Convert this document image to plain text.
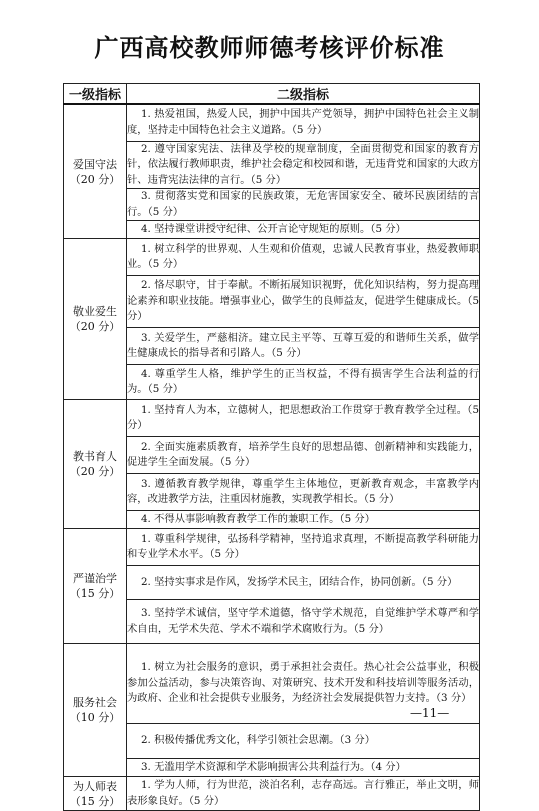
广西高校教师师德考核评价标准
一级指标	二级指标

爱国守法
（20 分）	1. 热爱祖国，热爱人民，拥护中国共产党领导，拥护中国特色社会主义制度，坚持走中国特色社会主义道路。（5 分）
	2. 遵守国家宪法、法律及学校的规章制度，全面贯彻党和国家的教育方针，依法履行教师职责，维护社会稳定和校园和谐，无违背党和国家的大政方针、违背宪法法律的言行。（5 分）
	3. 贯彻落实党和国家的民族政策，无危害国家安全、破坏民族团结的言行。（5 分）
	4. 坚持课堂讲授守纪律、公开言论守规矩的原则。（5 分）

敬业爱生
（20 分）	1. 树立科学的世界观、人生观和价值观，忠诚人民教育事业，热爱教师职业。（5 分）
	2. 恪尽职守，甘于奉献。不断拓展知识视野，优化知识结构，努力提高理论素养和职业技能。增强事业心，做学生的良师益友，促进学生健康成长。（5 分）
	3. 关爱学生，严慈相济。建立民主平等、互尊互爱的和谐师生关系，做学生健康成长的指导者和引路人。（5 分）
	4. 尊重学生人格，维护学生的正当权益，不得有损害学生合法利益的行为。（5 分）

教书育人
（20 分）	1. 坚持育人为本，立德树人，把思想政治工作贯穿于教育教学全过程。（5 分）
	2. 全面实施素质教育，培养学生良好的思想品德、创新精神和实践能力，促进学生全面发展。（5 分）
	3. 遵循教育教学规律，尊重学生主体地位，更新教育观念，丰富教学内容，改进教学方法，注重因材施教，实现教学相长。（5 分）
	4. 不得从事影响教育教学工作的兼职工作。（5 分）

严谨治学
（15 分）	1. 尊重科学规律，弘扬科学精神，坚持追求真理，不断提高教学科研能力和专业学术水平。（5 分）
	2. 坚持实事求是作风，发扬学术民主，团结合作，协同创新。（5 分）
	3. 坚持学术诚信，坚守学术道德，恪守学术规范，自觉维护学术尊严和学术自由，无学术失范、学术不端和学术腐败行为。（5 分）

服务社会
（10 分）	1. 树立为社会服务的意识，勇于承担社会责任。热心社会公益事业，积极参加公益活动，参与决策咨询、对策研究、技术开发和科技培训等服务活动，为政府、企业和社会提供专业服务，为经济社会发展提供智力支持。（3 分）
	2. 积极传播优秀文化，科学引领社会思潮。（3 分）
	3. 无滥用学术资源和学术影响损害公共利益行为。（4 分）

为人师表
（15 分）	1. 学为人师，行为世范，淡泊名利，志存高远。言行雅正，举止文明，师表形象良好。（5 分）
—11—
